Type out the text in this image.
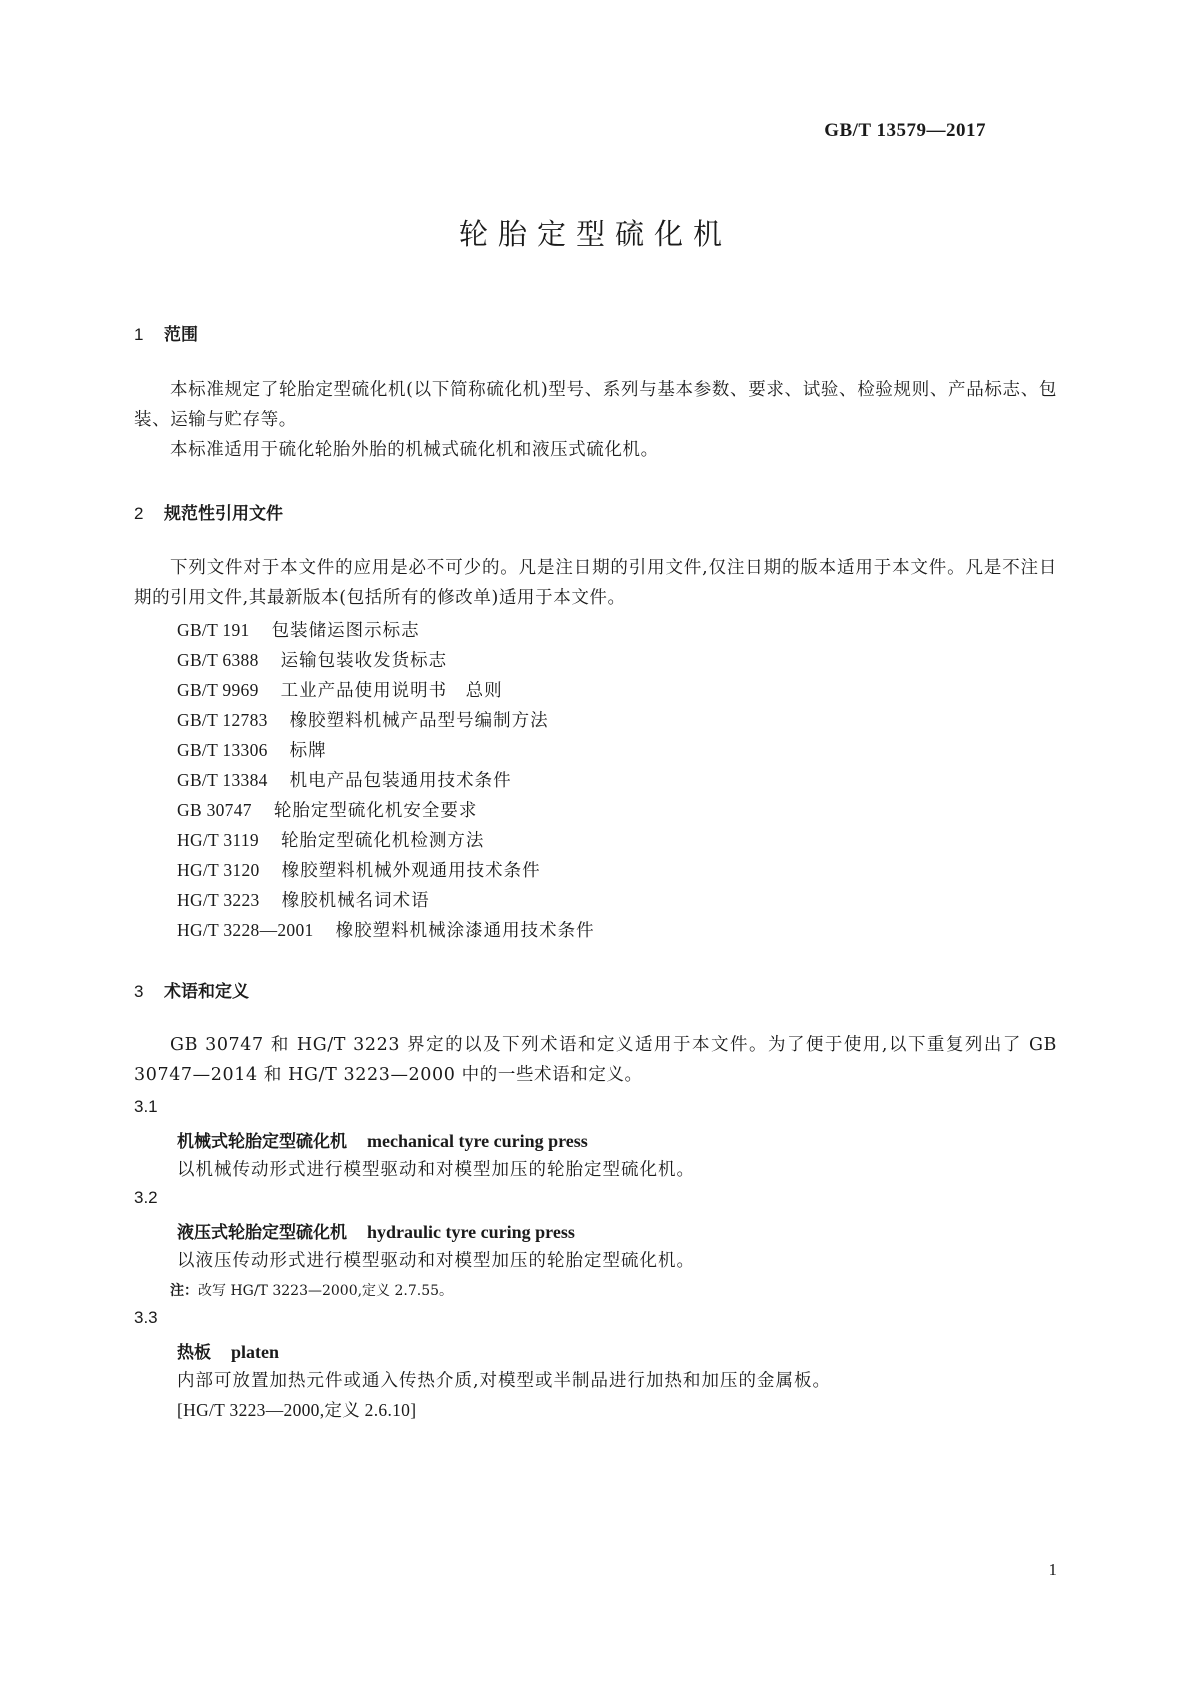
GB/T 13579—2017
轮胎定型硫化机
1 范围

本标准规定了轮胎定型硫化机(以下简称硫化机)型号、系列与基本参数、要求、试验、检验规则、产品标志、包装、运输与贮存等。

本标准适用于硫化轮胎外胎的机械式硫化机和液压式硫化机。

2 规范性引用文件

下列文件对于本文件的应用是必不可少的。凡是注日期的引用文件,仅注日期的版本适用于本文件。凡是不注日期的引用文件,其最新版本(包括所有的修改单)适用于本文件。

GB/T 191 包装储运图示标志
GB/T 6388 运输包装收发货标志
GB/T 9969 工业产品使用说明书　总则
GB/T 12783 橡胶塑料机械产品型号编制方法
GB/T 13306 标牌
GB/T 13384 机电产品包装通用技术条件
GB 30747 轮胎定型硫化机安全要求
HG/T 3119 轮胎定型硫化机检测方法
HG/T 3120 橡胶塑料机械外观通用技术条件
HG/T 3223 橡胶机械名词术语
HG/T 3228—2001 橡胶塑料机械涂漆通用技术条件
3 术语和定义

GB 30747 和 HG/T 3223 界定的以及下列术语和定义适用于本文件。为了便于使用,以下重复列出了 GB 30747—2014 和 HG/T 3223—2000 中的一些术语和定义。

3.1
机械式轮胎定型硫化机 mechanical tyre curing press
以机械传动形式进行模型驱动和对模型加压的轮胎定型硫化机。
3.2
液压式轮胎定型硫化机 hydraulic tyre curing press
以液压传动形式进行模型驱动和对模型加压的轮胎定型硫化机。
注：改写 HG/T 3223—2000,定义 2.7.55。
3.3
热板 platen
内部可放置加热元件或通入传热介质,对模型或半制品进行加热和加压的金属板。
[HG/T 3223—2000,定义 2.6.10]
1
